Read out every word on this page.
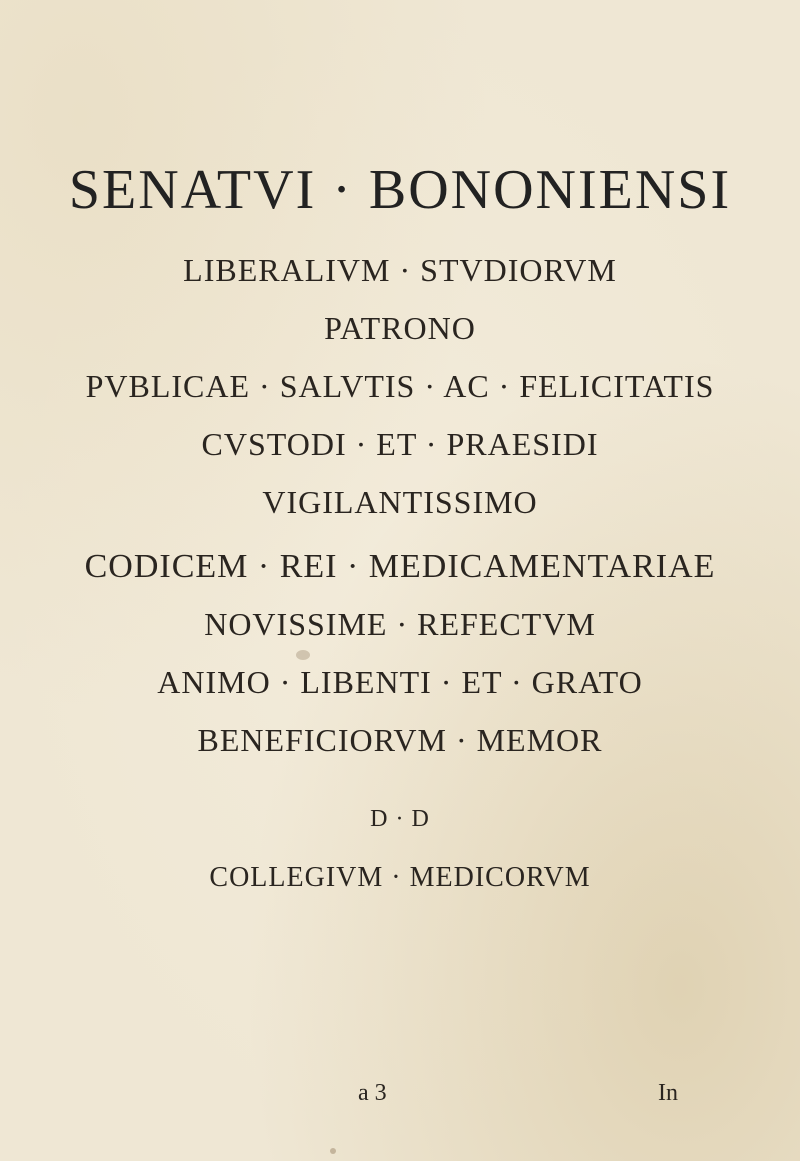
SENATVI · BONONIENSI
LIBERALIVM · STVDIORVM
PATRONO
PVBLICAE · SALVTIS · AC · FELICITATIS
CVSTODI · ET · PRAESIDI
VIGILANTISSIMO
CODICEM · REI · MEDICAMENTARIAE
NOVISSIME · REFECTVM
ANIMO · LIBENTI · ET · GRATO
BENEFICIORVM · MEMOR
D · D
COLLEGIVM · MEDICORVM
a 3	In
